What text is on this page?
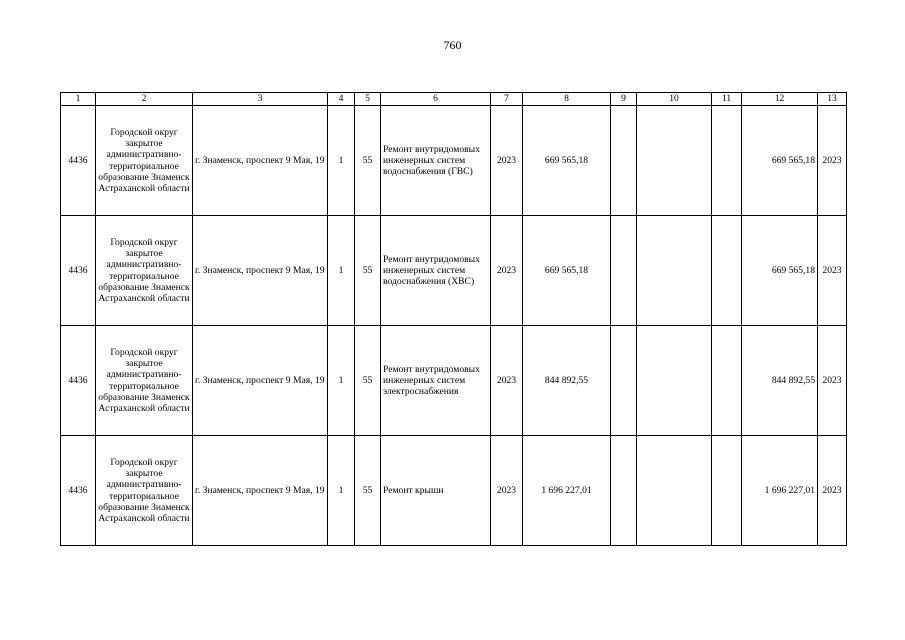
760
1	2	3	4	5	6	7	8	9	10	11	12	13
4436	Городской округ закрытое административно-территориальное образование Знаменск Астраханской области	г. Знаменск, проспект 9 Мая, 19	1	55	Ремонт внутридомовых инженерных систем водоснабжения (ГВС)	2023	669 565,18				669 565,18	2023
4436	Городской округ закрытое административно-территориальное образование Знаменск Астраханской области	г. Знаменск, проспект 9 Мая, 19	1	55	Ремонт внутридомовых инженерных систем водоснабжения (ХВС)	2023	669 565,18				669 565,18	2023
4436	Городской округ закрытое административно-территориальное образование Знаменск Астраханской области	г. Знаменск, проспект 9 Мая, 19	1	55	Ремонт внутридомовых инженерных систем электроснабжения	2023	844 892,55				844 892,55	2023
4436	Городской округ закрытое административно-территориальное образование Знаменск Астраханской области	г. Знаменск, проспект 9 Мая, 19	1	55	Ремонт крыши	2023	1 696 227,01				1 696 227,01	2023
